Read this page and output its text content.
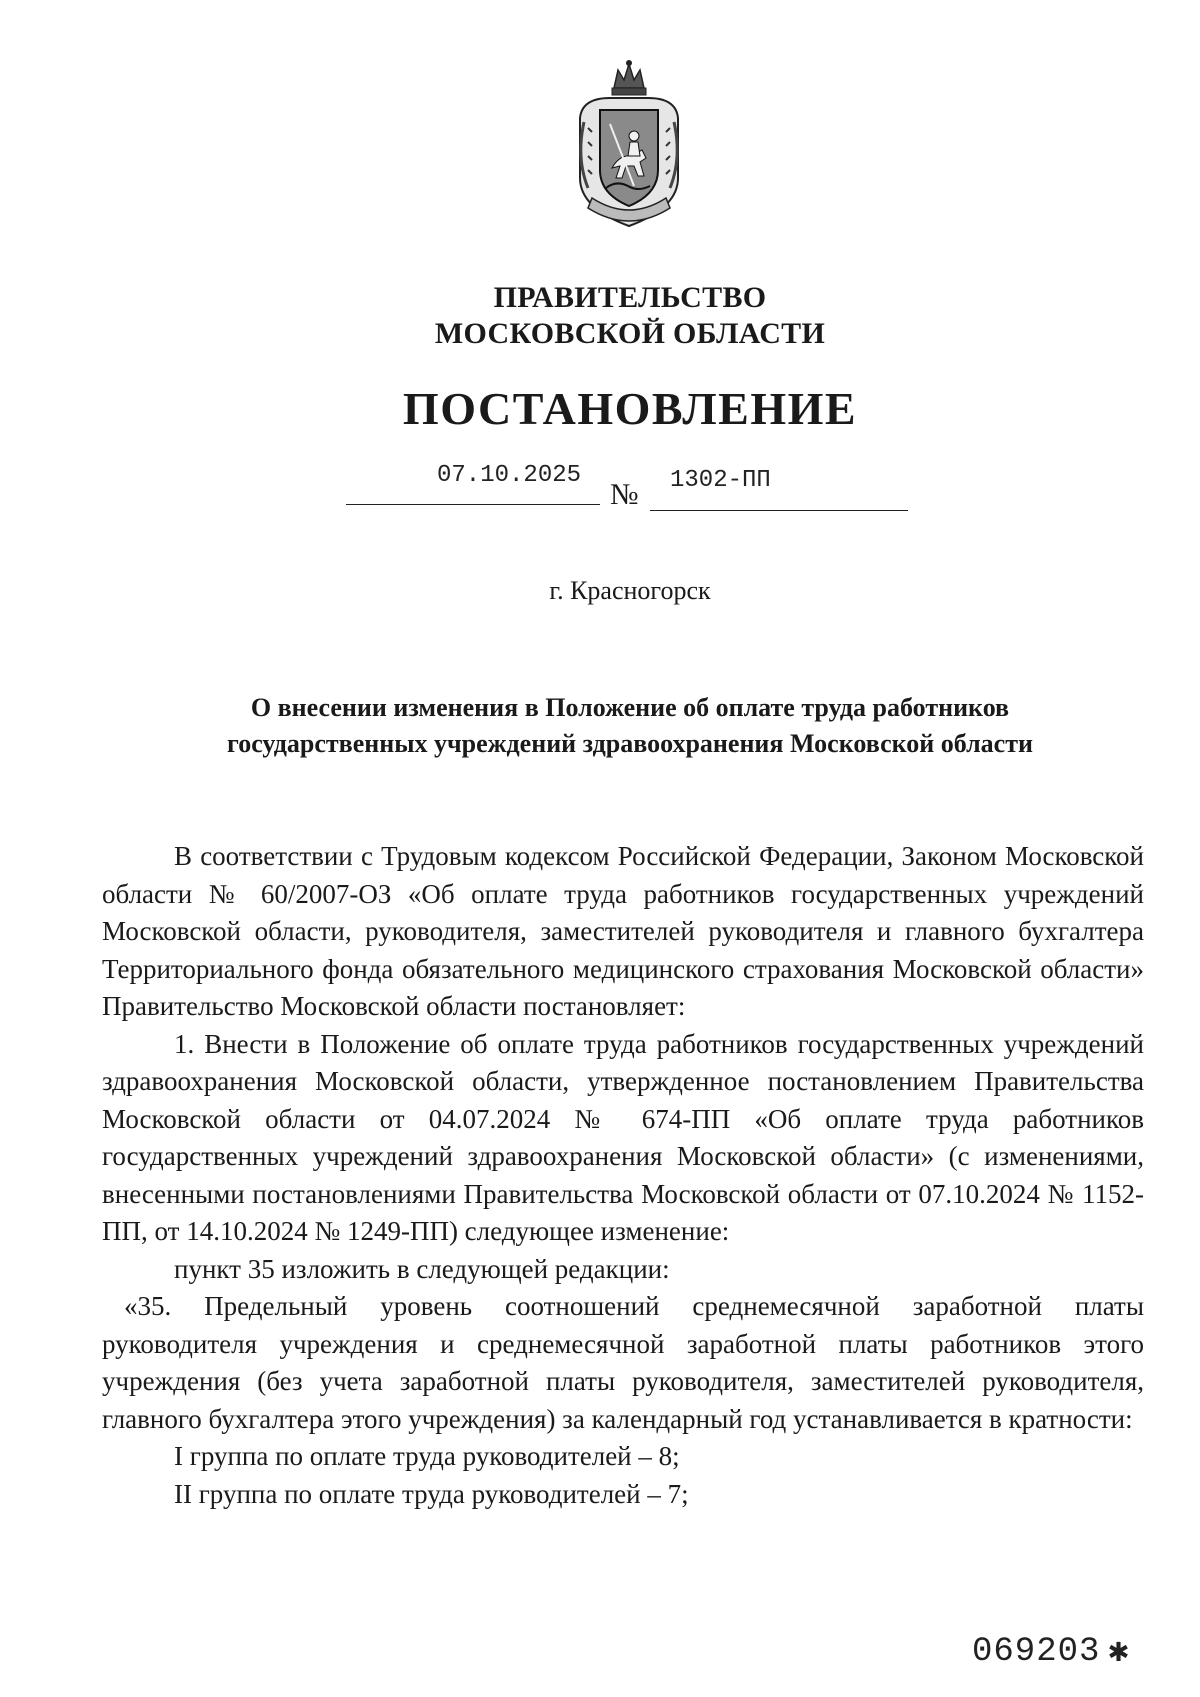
ПРАВИТЕЛЬСТВО
МОСКОВСКОЙ ОБЛАСТИ
ПОСТАНОВЛЕНИЕ
07.10.2025
№ 1302-ПП
г. Красногорск
О внесении изменения в Положение об оплате труда работников
государственных учреждений здравоохранения Московской области

В соответствии с Трудовым кодексом Российской Федерации, Законом Московской области № 60/2007-ОЗ «Об оплате труда работников государственных учреждений Московской области, руководителя, заместителей руководителя и главного бухгалтера Территориального фонда обязательного медицинского страхования Московской области» Правительство Московской области постановляет:

1. Внести в Положение об оплате труда работников государственных учреждений здравоохранения Московской области, утвержденное постановлением Правительства Московской области от 04.07.2024 № 674-ПП «Об оплате труда работников государственных учреждений здравоохранения Московской области» (с изменениями, внесенными постановлениями Правительства Московской области от 07.10.2024 № 1152-ПП, от 14.10.2024 № 1249-ПП) следующее изменение:

пункт 35 изложить в следующей редакции:

«35. Предельный уровень соотношений среднемесячной заработной платы руководителя учреждения и среднемесячной заработной платы работников этого учреждения (без учета заработной платы руководителя, заместителей руководителя, главного бухгалтера этого учреждения) за календарный год устанавливается в кратности:

I группа по оплате труда руководителей – 8;

II группа по оплате труда руководителей – 7;

069203 ✱
